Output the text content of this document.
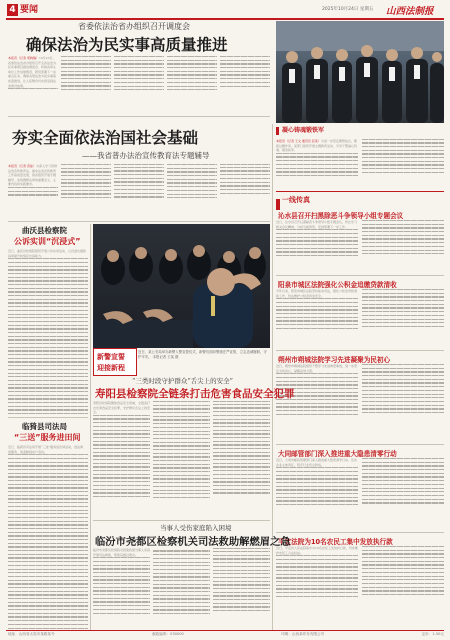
4 要闻	2025年10月24日 星期五 山西法制报
省委依法治省办组织召开调度会
确保法治为民实事高质量推进
本报讯（记者 邢晓瑞）10月23日，省委依法治省办组织召开全省法治为民实事项目推进调度会，听取各牵头单位工作进展情况，研究部署下一步重点任务，确保各项法治为民实事高质量推进，让人民群众切实感受到法治建设成果。
凝心铸魂锻铁军
本报讯（记者 王文 通讯员 张某）为进一步坚定理想信念，锤炼过硬作风，某部门组织开展主题教育活动，引导干警凝心铸魂、锻造铁军。
一线传真
沁水县召开扫黑除恶斗争领导小组专题会议
近日，沁水县召开扫黑除恶斗争领导小组专题会议，传达学习相关会议精神，分析当前形势，安排部署下一步工作。
阳泉市城区法院强化公积金追缴贷款清收
今年以来，阳泉市城区法院坚持能动司法，强化公积金贷款清收工作，依法维护公积金资金安全。
朔州市朔城法院学习先进凝聚为民初心
近日，朔州市朔城法院组织干警学习先进典型事迹，进一步坚定为民初心，凝聚奋进力量。
大同邮管部门深入推进重大隐患清零行动
近日，大同市邮政管理部门深入推进重大隐患清零行动，压实企业主体责任，筑牢行业安全防线。
平定法院为10名农民工集中发放执行款
近日，平定县人民法院集中为10名农民工发放执行款，切实维护农民工合法权益。
夯实全面依法治国社会基础
——我省普办法治宣传教育法专题辅导
本报讯（记者 晋能）为深入学习贯彻法治宣传教育法，推动法治宣传教育工作高质量发展，我省组织开展专题辅导，系统阐释法律的重要意义、主要内容和实践要求。
曲沃县检察院
公诉实训“沉浸式”
近日，曲沃县检察院组织开展公诉实训活动，以沉浸式模拟庭审提升检察官出庭能力。
临猗县司法局
“三送”服务进田间
近日，临猗县司法局开展“三送”服务进田间活动，送法律、送服务、送温暖到农户身边。
新警宣誓
迎接新程
近日，某公安局举办新警入警宣誓仪式，新警们面向警旗庄严宣誓，立志忠诚履职、守护平安。 本报记者 王某 摄
“三类时段守护群众“舌尖上的安全”
寿阳县检察院全链条打击危害食品安全犯罪
寿阳县检察院聚焦食品安全领域，全链条打击危害食品安全犯罪，守护群众舌尖上的安全。
当事人受伤家庭陷入困境
临汾市尧都区检察机关司法救助解燃眉之急
临汾市尧都区检察院对因案致困当事人家庭开展司法救助，帮助其渡过难关。
地址：山西省太原市某路某号	邮政编码：030000	印刷：山西某印务有限公司	定价：1.50元
